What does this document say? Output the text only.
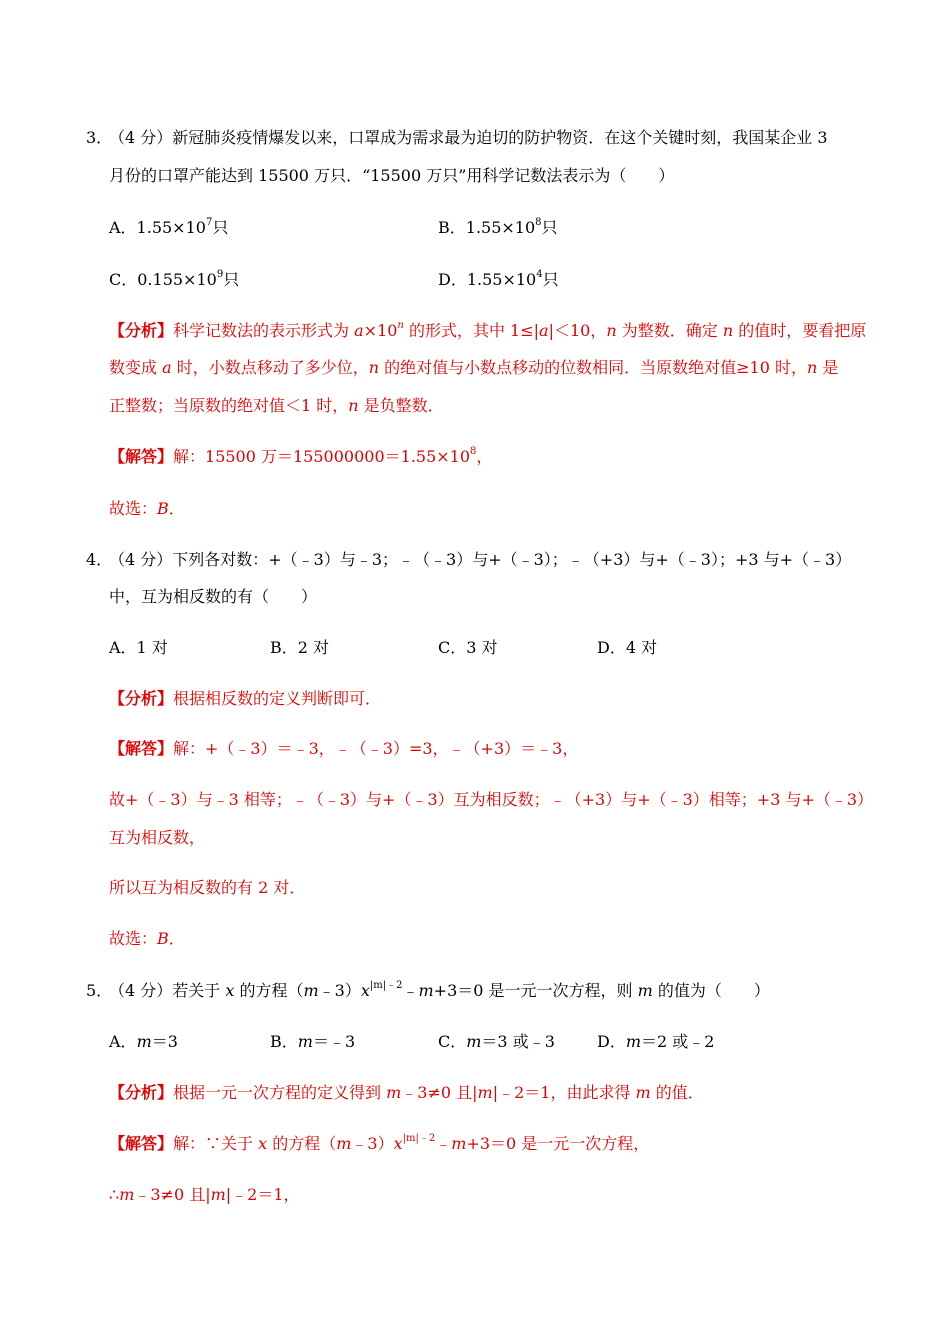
3．
（4 分）新冠肺炎疫情爆发以来，口罩成为需求最为迫切的防护物资．在这个关键时刻，我国某企业 3
月份的口罩产能达到 15500 万只．“15500 万只”用科学记数法表示为（　　）
A．$1.55\times 10^7$只	B．$1.55\times 10^8$只
C．$0.155\times 10^9$只	D．$1.55\times 10^4$只
【分析】科学记数法的表示形式为 $a\times 10^n$ 的形式，其中 1≤|a|＜10，n 为整数．确定 n 的值时，要看把原
数变成 a 时，小数点移动了多少位，n 的绝对值与小数点移动的位数相同．当原数绝对值≥10 时，n 是
正整数；当原数的绝对值＜1 时，n 是负整数．
【解答】解：15500 万$=155000000=1.55\times 10^8$，
故选：B．
4．
（4 分）下列各对数：+（﹣3）与﹣3；﹣（﹣3）与+（﹣3）；﹣（+3）与+（﹣3）；+3 与+（﹣3）
中，互为相反数的有（　　）
A．1 对	B．2 对	C．3 对	D．4 对
【分析】根据相反数的定义判断即可．
【解答】解：+（﹣3）＝﹣3，﹣（﹣3）=3，﹣（+3）＝﹣3，
故+（﹣3）与﹣3 相等；﹣（﹣3）与+（﹣3）互为相反数；﹣（+3）与+（﹣3）相等；+3 与+（﹣3）
互为相反数，
所以互为相反数的有 2 对．
故选：B．
5．
（4 分）若关于 x 的方程$(m﹣3)x^{|m|﹣2}﹣m+3=0$ 是一元一次方程，则 m 的值为（　　）
A．m＝3	B．m＝﹣3	C．m＝3 或﹣3	D．m＝2 或﹣2
【分析】根据一元一次方程的定义得到 m﹣3≠0 且|m|﹣2＝1，由此求得 m 的值．
【解答】解：∵关于 x 的方程$(m﹣3)x^{|m|﹣2}﹣m+3=0$ 是一元一次方程，
∴m﹣3≠0 且|m|﹣2＝1，
